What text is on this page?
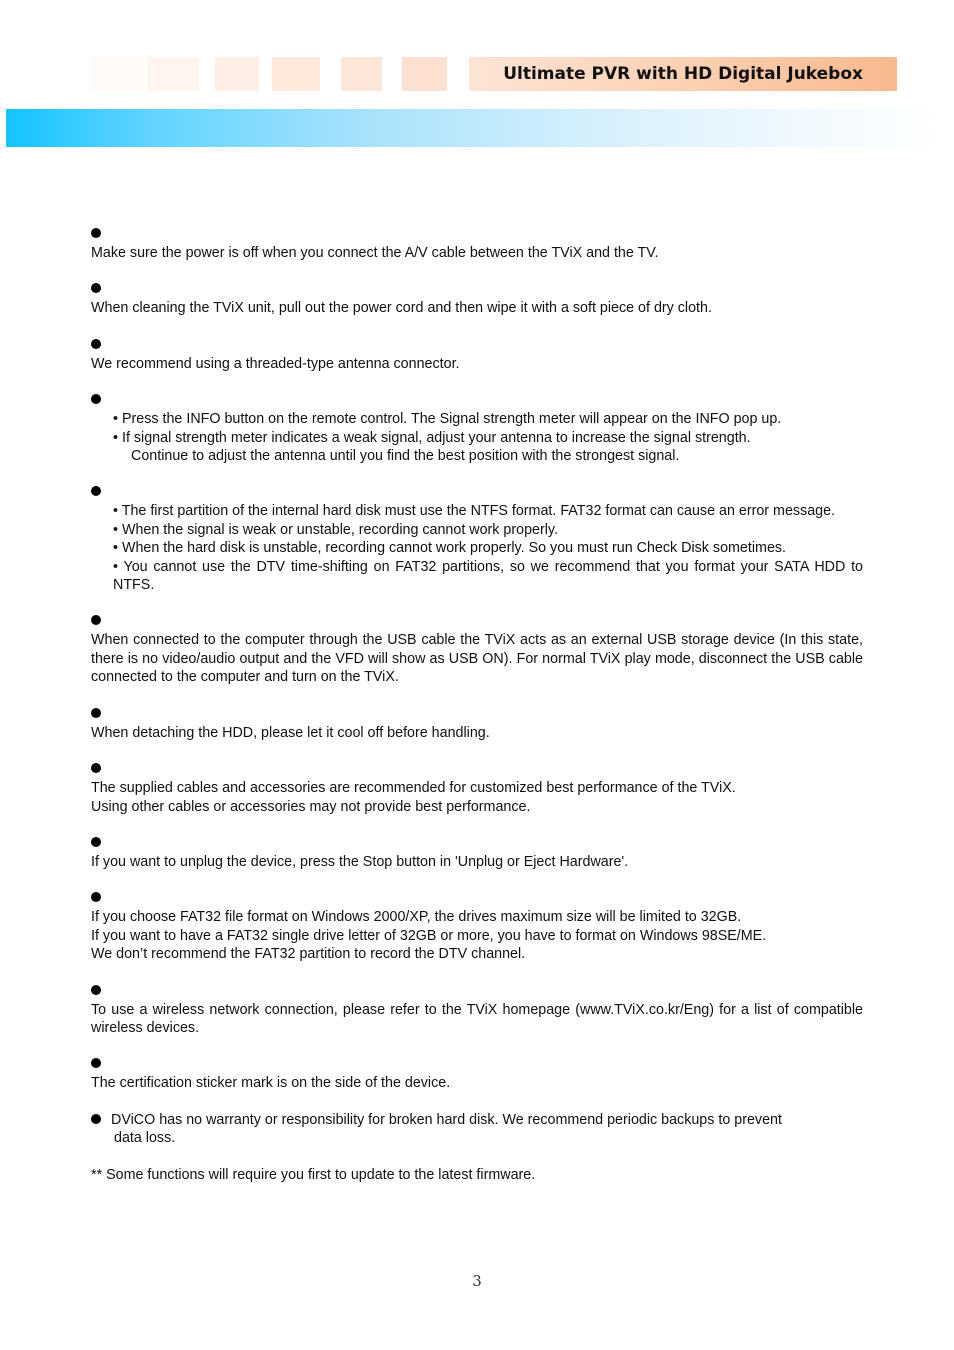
Ultimate PVR with HD Digital Jukebox
Make sure the power is off when you connect the A/V cable between the TViX and the TV.
When cleaning the TViX unit, pull out the power cord and then wipe it with a soft piece of dry cloth.
We recommend using a threaded-type antenna connector.
• Press the INFO button on the remote control. The Signal strength meter will appear on the INFO pop up.
• If signal strength meter indicates a weak signal, adjust your antenna to increase the signal strength.
Continue to adjust the antenna until you find the best position with the strongest signal.
• The first partition of the internal hard disk must use the NTFS format. FAT32 format can cause an error message.
• When the signal is weak or unstable, recording cannot work properly.
• When the hard disk is unstable, recording cannot work properly. So you must run Check Disk sometimes.
• You cannot use the DTV time-shifting on FAT32 partitions, so we recommend that you format your SATA HDD to NTFS.
When connected to the computer through the USB cable the TViX acts as an external USB storage device (In this state, there is no video/audio output and the VFD will show as USB ON). For normal TViX play mode, disconnect the USB cable connected to the computer and turn on the TViX.
When detaching the HDD, please let it cool off before handling.
The supplied cables and accessories are recommended for customized best performance of the TViX.
Using other cables or accessories may not provide best performance.
If you want to unplug the device, press the Stop button in 'Unplug or Eject Hardware'.
If you choose FAT32 file format on Windows 2000/XP, the drives maximum size will be limited to 32GB.
If you want to have a FAT32 single drive letter of 32GB or more, you have to format on Windows 98SE/ME.
We don’t recommend the FAT32 partition to record the DTV channel.
To use a wireless network connection, please refer to the TViX homepage (www.TViX.co.kr/Eng) for a list of compatible wireless devices.
The certification sticker mark is on the side of the device.
DViCO has no warranty or responsibility for broken hard disk. We recommend periodic backups to prevent
data loss.
** Some functions will require you first to update to the latest firmware.
3
